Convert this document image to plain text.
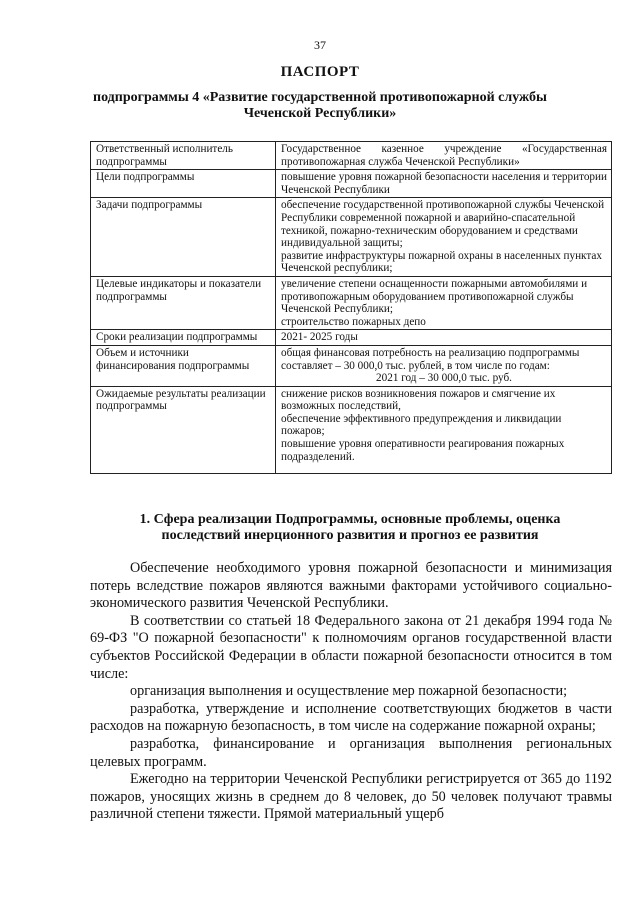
37
ПАСПОРТ
подпрограммы 4 «Развитие государственной противопожарной службы
Чеченской Республики»
Ответственный исполнитель подпрограммы	Государственное казенное учреждение «Государственная противопожарная служба Чеченской Республики»

Цели подпрограммы	повышение уровня пожарной безопасности населения и территории Чеченской Республики

Задачи подпрограммы	обеспечение государственной противопожарной службы Чеченской Республики современной пожарной и аварийно-спасательной техникой, пожарно-техническим оборудованием и средствами индивидуальной защиты;
развитие инфраструктуры пожарной охраны в населенных пунктах Чеченской республики;

Целевые индикаторы и показатели подпрограммы	увеличение степени оснащенности пожарными автомобилями и противопожарным оборудованием противопожарной службы Чеченской Республики;
строительство пожарных депо

Сроки реализации подпрограммы	2021- 2025 годы

Объем и источники финансирования подпрограммы	общая финансовая потребность на реализацию подпрограммы составляет – 30 000,0 тыс. рублей, в том числе по годам:
2021 год – 30 000,0 тыс. руб.

Ожидаемые результаты реализации подпрограммы	снижение рисков возникновения пожаров и смягчение их возможных последствий,
обеспечение эффективного предупреждения и ликвидации пожаров;
повышение уровня оперативности реагирования пожарных подразделений.
1. Сфера реализации Подпрограммы, основные проблемы, оценка
последствий инерционного развития и прогноз ее развития

Обеспечение необходимого уровня пожарной безопасности и минимизация потерь вследствие пожаров являются важными факторами устойчивого социально-экономического развития Чеченской Республики.

В соответствии со статьей 18 Федерального закона от 21 декабря 1994 года № 69-ФЗ "О пожарной безопасности" к полномочиям органов государственной власти субъектов Российской Федерации в области пожарной безопасности относится в том числе:

организация выполнения и осуществление мер пожарной безопасности;

разработка, утверждение и исполнение соответствующих бюджетов в части расходов на пожарную безопасность, в том числе на содержание пожарной охраны;

разработка, финансирование и организация выполнения региональных целевых программ.

Ежегодно на территории Чеченской Республики регистрируется от 365 до 1192 пожаров, уносящих жизнь в среднем до 8 человек, до 50 человек получают травмы различной степени тяжести. Прямой материальный ущерб
